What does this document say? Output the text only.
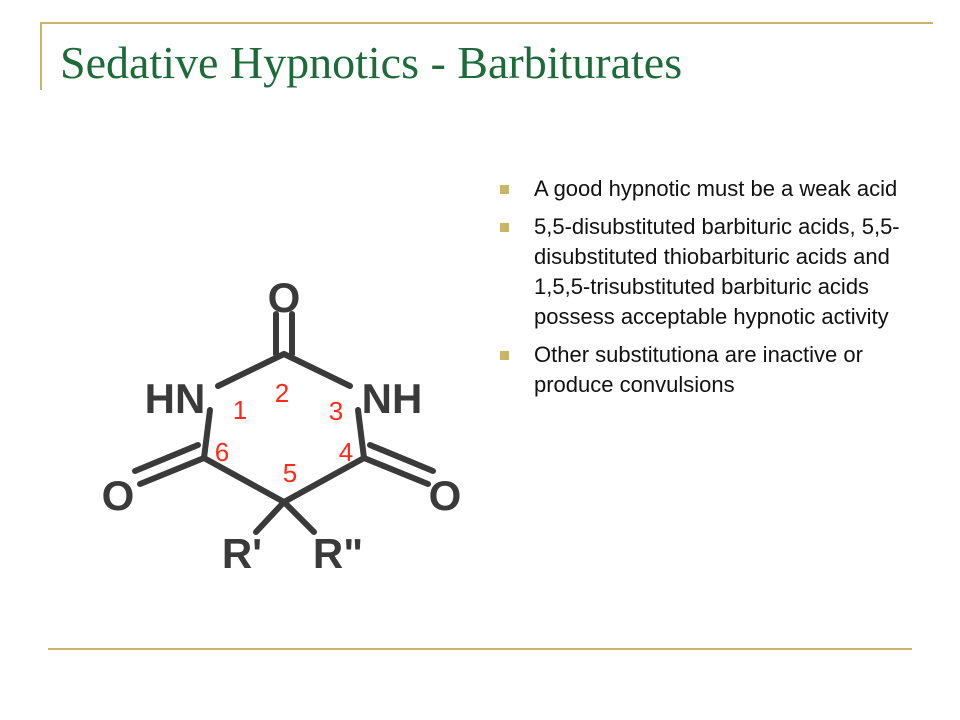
Sedative Hypnotics - Barbiturates
O
HN	NH
O	O
R' R"
1
2
3
4
5
6
A good hypnotic must be a weak acid
5,5-disubstituted barbituric acids, 5,5-disubstituted thiobarbituric acids and 1,5,5-trisubstituted barbituric acids possess acceptable hypnotic activity
Other substitutiona are inactive or produce convulsions
